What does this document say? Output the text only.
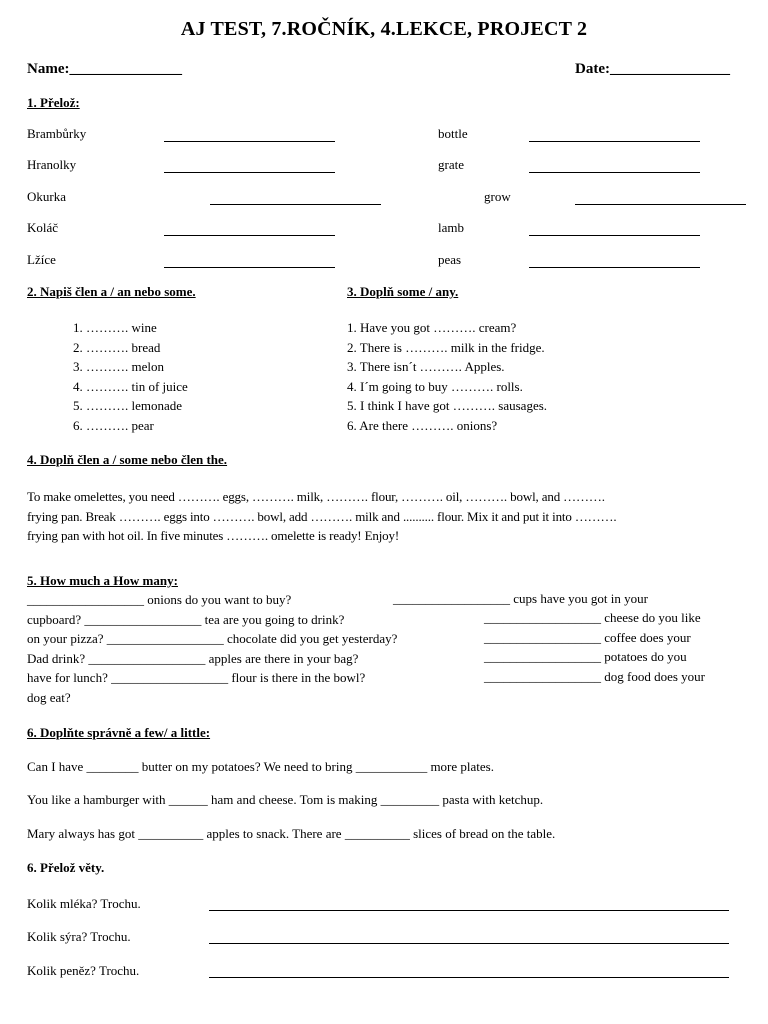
AJ TEST, 7.ROČNÍK, 4.LEKCE, PROJECT 2
Name:_______________	Date:________________
1. Přelož:
Brambůrky	bottle
Hranolky	grate
Okurka	grow
Koláč	lamb
Lžíce	peas
2. Napiš člen a / an nebo some.	3. Doplň some / any.
1. ………. wine
2. ………. bread
3. ………. melon
4. ………. tin of juice
5. ………. lemonade
6. ………. pear
1. Have you got ………. cream?
2. There is ………. milk in the fridge.
3. There isn´t ………. Apples.
4. I´m going to buy ………. rolls.
5. I think I have got ………. sausages.
6. Are there ………. onions?
4. Doplň člen a / some nebo člen the.
To make omelettes, you need ………. eggs, ………. milk, ………. flour, ………. oil, ………. bowl, and ……….
frying pan. Break ………. eggs into ………. bowl, add ………. milk and .......... flour. Mix it and put it into ……….
frying pan with hot oil. In five minutes ………. omelette is ready! Enjoy!
5. How much a How many:
__________________ onions do you want to buy?
cupboard? __________________ tea are you going to drink?
on your pizza? __________________ chocolate did you get yesterday?
Dad drink? __________________ apples are there in your bag?
have for lunch? __________________ flour is there in the bowl?
dog eat?
__________________ cups have you got in your
__________________ cheese do you like
__________________ coffee does your
__________________ potatoes do you
__________________ dog food does your
6. Doplňte správně a few/ a little:
Can I have ________ butter on my potatoes? We need to bring ___________ more plates.
You like a hamburger with ______ ham and cheese. Tom is making _________ pasta with ketchup.
Mary always has got __________ apples to snack. There are __________ slices of bread on the table.
6. Přelož věty.
Kolik mléka? Trochu.
Kolik sýra? Trochu.
Kolik peněz? Trochu.
